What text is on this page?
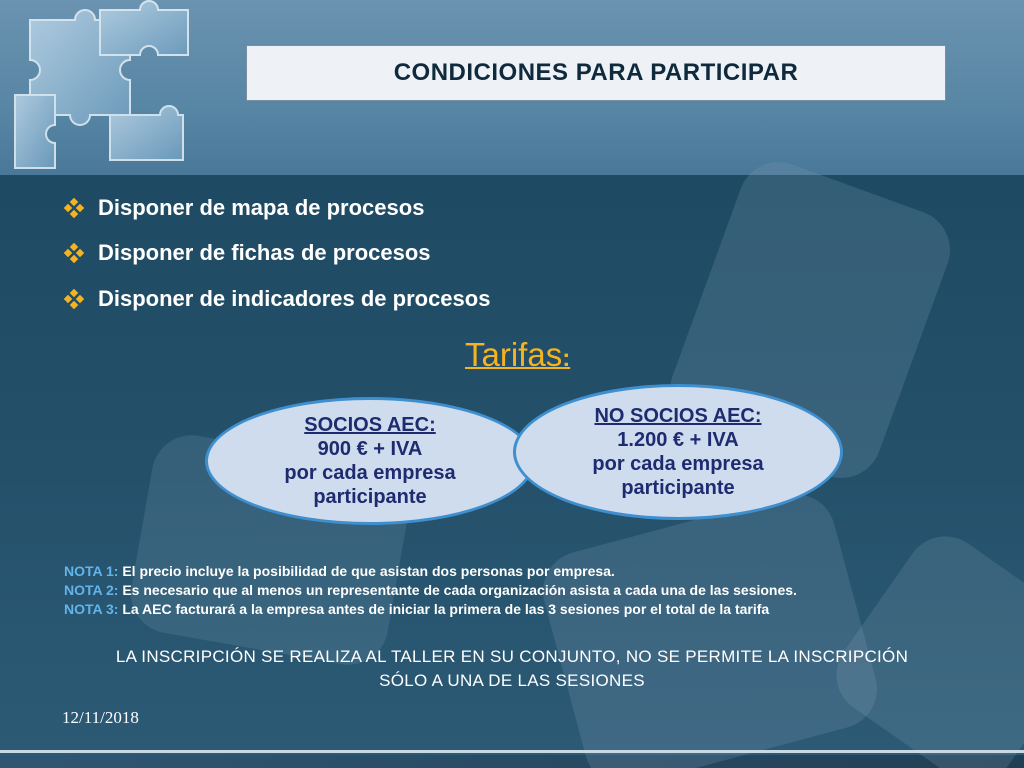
CONDICIONES PARA PARTICIPAR
Disponer de mapa de procesos
Disponer de fichas de procesos
Disponer de indicadores de procesos
Tarifas:
SOCIOS AEC:
900 € + IVA
por cada empresa
participante
NO SOCIOS AEC:
1.200 € + IVA
por cada empresa
participante
NOTA 1: El precio incluye la posibilidad de que asistan dos personas por empresa.
NOTA 2: Es necesario que al menos un representante de cada organización asista a cada una de las sesiones.
NOTA 3: La AEC facturará a la empresa antes de iniciar la primera de las 3 sesiones por el total de la tarifa
LA INSCRIPCIÓN SE REALIZA AL TALLER EN SU CONJUNTO, NO SE PERMITE LA INSCRIPCIÓN
SÓLO A UNA DE LAS SESIONES
12/11/2018
